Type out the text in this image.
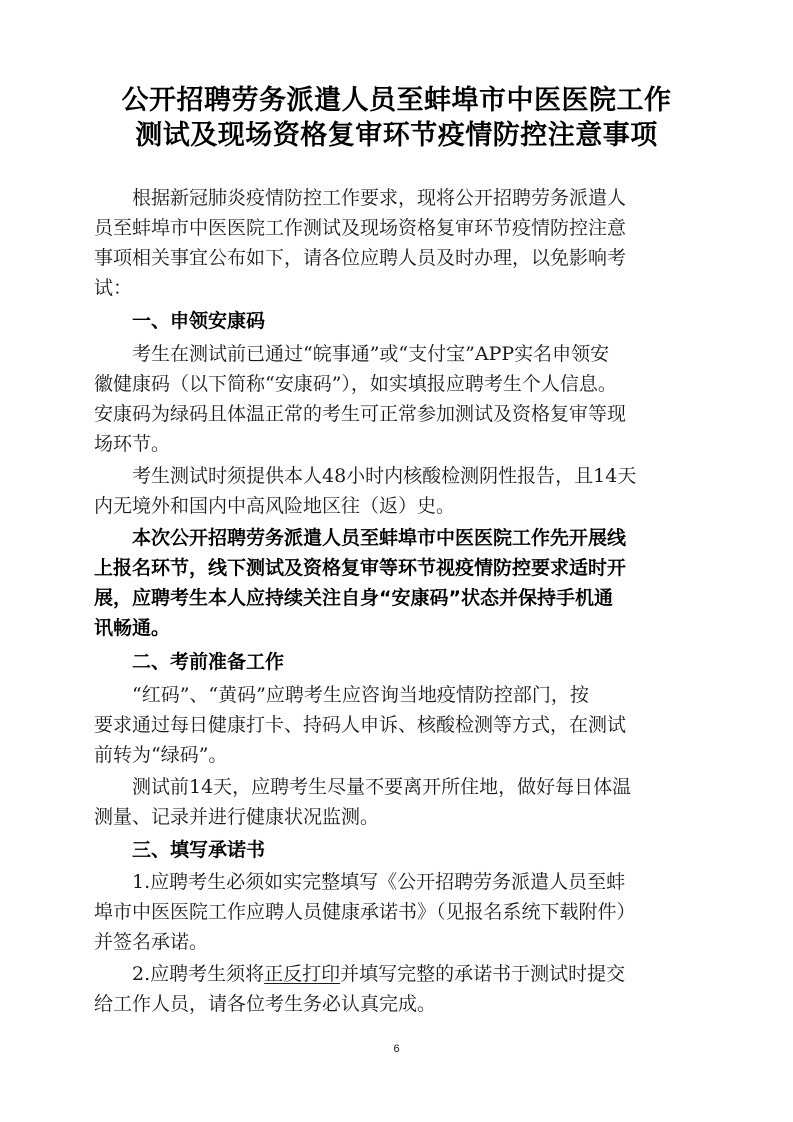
公开招聘劳务派遣人员至蚌埠市中医医院工作
测试及现场资格复审环节疫情防控注意事项
根据新冠肺炎疫情防控工作要求，现将公开招聘劳务派遣人
员至蚌埠市中医医院工作测试及现场资格复审环节疫情防控注意
事项相关事宜公布如下，请各位应聘人员及时办理，以免影响考
试：
一、申领安康码
考生在测试前已通过“皖事通”或“支付宝”APP实名申领安
徽健康码（以下简称“安康码”），如实填报应聘考生个人信息。
安康码为绿码且体温正常的考生可正常参加测试及资格复审等现
场环节。
考生测试时须提供本人48小时内核酸检测阴性报告，且14天
内无境外和国内中高风险地区往（返）史。
本次公开招聘劳务派遣人员至蚌埠市中医医院工作先开展线
上报名环节，线下测试及资格复审等环节视疫情防控要求适时开
展，应聘考生本人应持续关注自身“安康码”状态并保持手机通
讯畅通。
二、考前准备工作
“红码”、“黄码”应聘考生应咨询当地疫情防控部门，按
要求通过每日健康打卡、持码人申诉、核酸检测等方式，在测试
前转为“绿码”。
测试前14天，应聘考生尽量不要离开所住地，做好每日体温
测量、记录并进行健康状况监测。
三、填写承诺书
1.应聘考生必须如实完整填写《公开招聘劳务派遣人员至蚌
埠市中医医院工作应聘人员健康承诺书》（见报名系统下载附件）
并签名承诺。
2.应聘考生须将正反打印并填写完整的承诺书于测试时提交
给工作人员，请各位考生务必认真完成。
6
